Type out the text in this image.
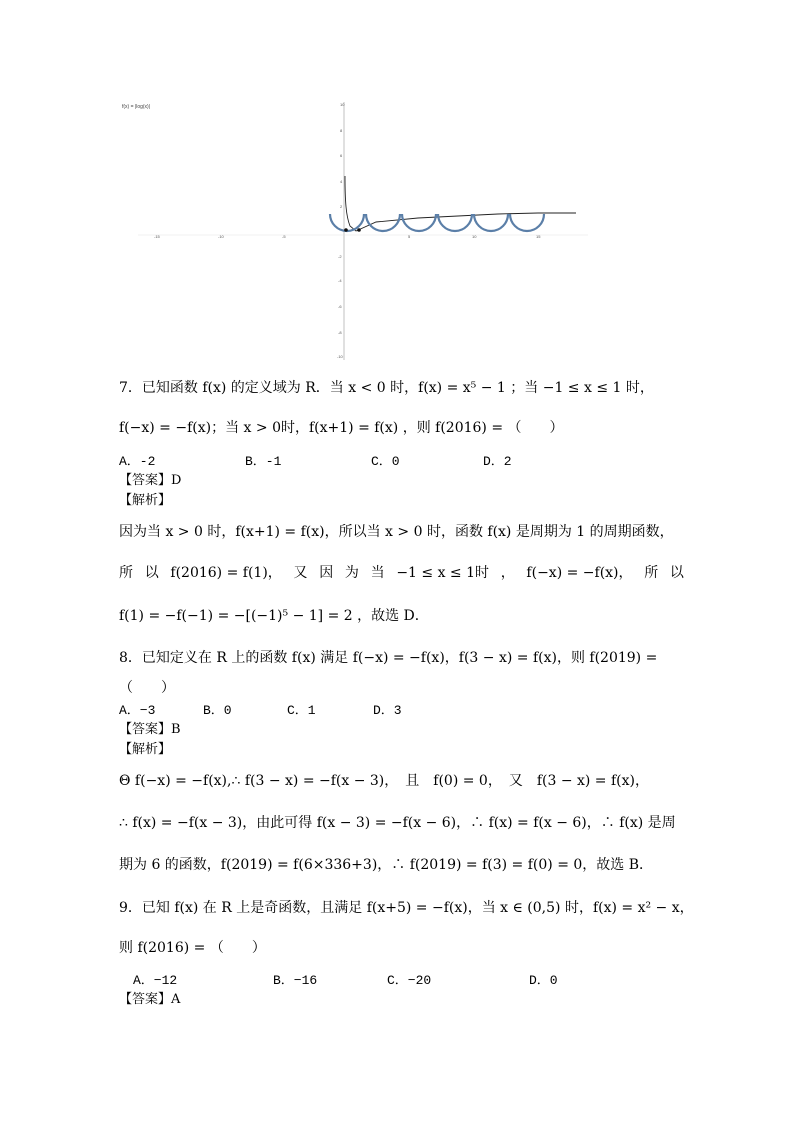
f(x) = |log(x)|
-15	-10	-5	5	10	15
10
8
6
4
2
-2
-4
-6
-8
-10
7．已知函数 f(x) 的定义域为 R．当 x < 0 时，f(x) = x⁵ − 1 ；当 −1 ≤ x ≤ 1 时，
f(−x) = −f(x)；当 x > 0时，f(x+1) = f(x) ，则 f(2016) = （　　）
A．-2	B．-1	C．0	D．2
【答案】D
【解析】
因为当 x > 0 时，f(x+1) = f(x)，所以当 x > 0 时，函数 f(x) 是周期为 1 的周期函数，
所 以 f(2016) = f(1)， 又 因 为 当 −1 ≤ x ≤ 1时 ， f(−x) = −f(x)， 所 以
f(1) = −f(−1) = −[(−1)⁵ − 1] = 2 ，故选 D．
8．已知定义在 R 上的函数 f(x) 满足 f(−x) = −f(x)，f(3 − x) = f(x)，则 f(2019) =
（　　）
A．−3	B．0	C．1	D．3
【答案】B
【解析】
Θ f(−x) = −f(x),∴ f(3 − x) = −f(x − 3)，　且　f(0) = 0，　又　f(3 − x) = f(x)，
∴ f(x) = −f(x − 3)，由此可得 f(x − 3) = −f(x − 6)，∴ f(x) = f(x − 6)，∴ f(x) 是周
期为 6 的函数，f(2019) = f(6×336+3)，∴ f(2019) = f(3) = f(0) = 0，故选 B．
9．已知 f(x) 在 R 上是奇函数，且满足 f(x+5) = −f(x)，当 x ∈ (0,5) 时，f(x) = x² − x，
则 f(2016) = （　　）
A．−12	B．−16	C．−20	D．0
【答案】A
